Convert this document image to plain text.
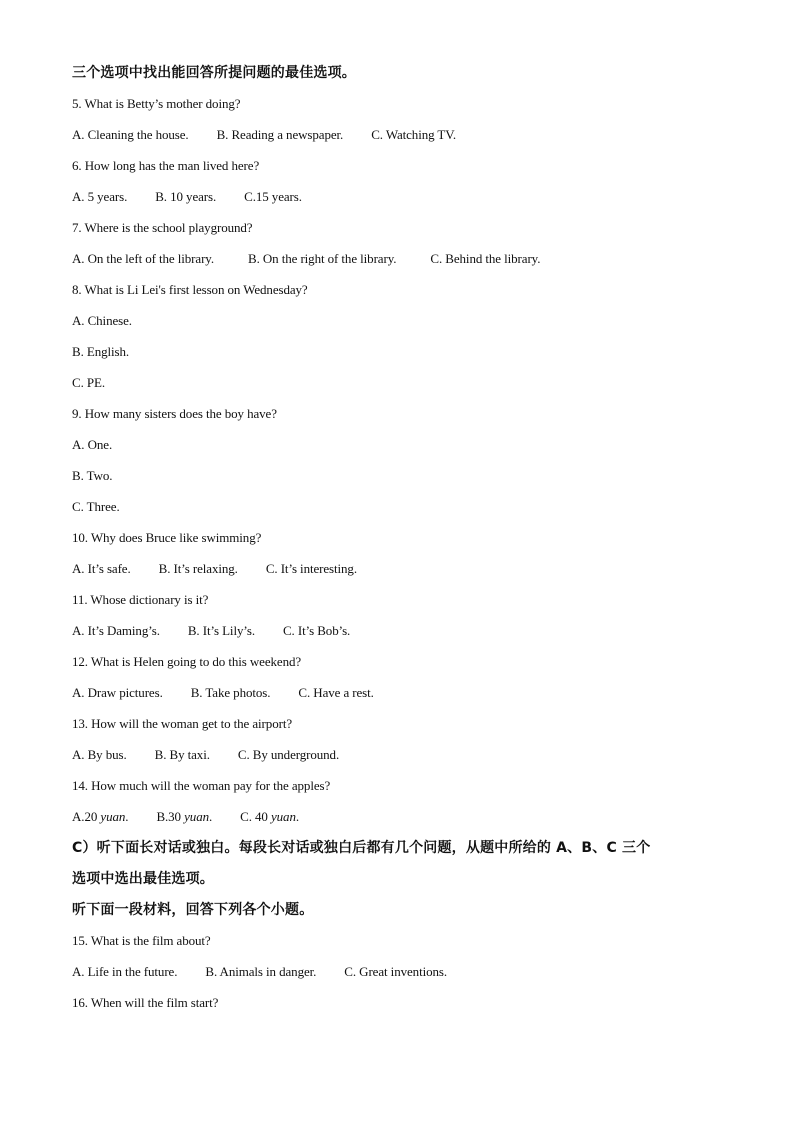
三个选项中找出能回答所提问题的最佳选项。
5. What is Betty’s mother doing?
A. Cleaning the house. B. Reading a newspaper. C. Watching TV.
6. How long has the man lived here?
A. 5 years. B. 10 years. C.15 years.
7. Where is the school playground?
A. On the left of the library.	B. On the right of the library.	C. Behind the library.
8. What is Li Lei's first lesson on Wednesday?
A. Chinese.
B. English.
C. PE.
9. How many sisters does the boy have?
A. One.
B. Two.
C. Three.
10. Why does Bruce like swimming?
A. It’s safe. B. It’s relaxing. C. It’s interesting.
11. Whose dictionary is it?
A. It’s Daming’s. B. It’s Lily’s. C. It’s Bob’s.
12. What is Helen going to do this weekend?
A. Draw pictures. B. Take photos. C. Have a rest.
13. How will the woman get to the airport?
A. By bus. B. By taxi. C. By underground.
14. How much will the woman pay for the apples?
A.20 yuan. B.30 yuan. C. 40 yuan.
C）听下面长对话或独白。每段长对话或独白后都有几个问题，从题中所给的 A、B、C 三个
选项中选出最佳选项。
听下面一段材料，回答下列各个小题。
15. What is the film about?
A. Life in the future. B. Animals in danger. C. Great inventions.
16. When will the film start?
